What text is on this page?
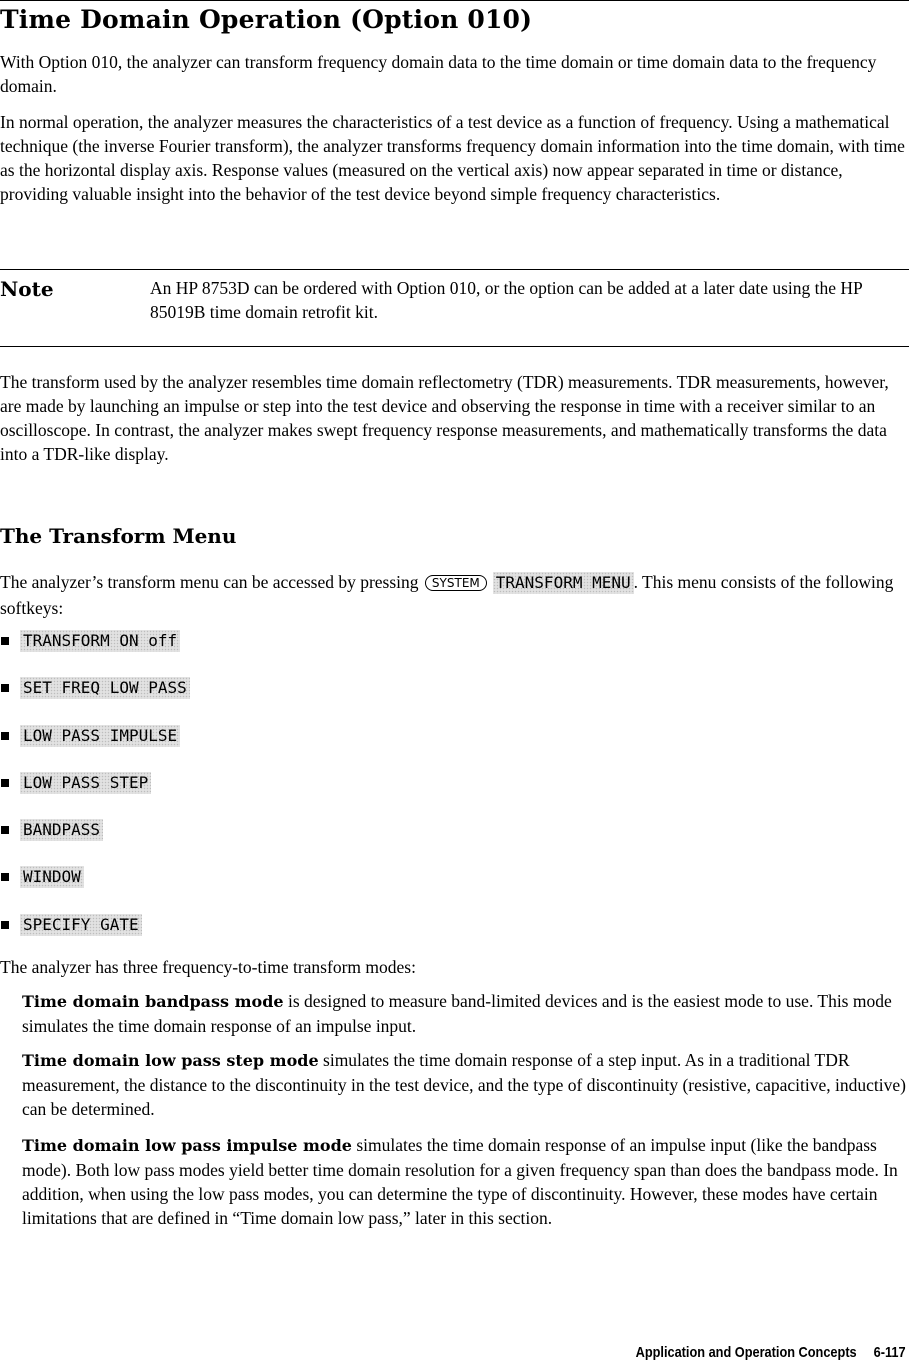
Time Domain Operation (Option 010)

With Option 010, the analyzer can transform frequency domain data to the time domain or time domain data to the frequency domain.

In normal operation, the analyzer measures the characteristics of a test device as a function of frequency. Using a mathematical technique (the inverse Fourier transform), the analyzer transforms frequency domain information into the time domain, with time as the horizontal display axis. Response values (measured on the vertical axis) now appear separated in time or distance, providing valuable insight into the behavior of the test device beyond simple frequency characteristics.

Note	An HP 8753D can be ordered with Option 010, or the option can be added at a later date using the HP 85019B time domain retrofit kit.

The transform used by the analyzer resembles time domain reflectometry (TDR) measurements. TDR measurements, however, are made by launching an impulse or step into the test device and observing the response in time with a receiver similar to an oscilloscope. In contrast, the analyzer makes swept frequency response measurements, and mathematically transforms the data into a TDR-like display.

The Transform Menu

The analyzer’s transform menu can be accessed by pressing SYSTEM TRANSFORM MENU . This menu consists of the following softkeys:

TRANSFORM ON off
SET FREQ LOW PASS
LOW PASS IMPULSE
LOW PASS STEP
BANDPASS
WINDOW
SPECIFY GATE

The analyzer has three frequency-to-time transform modes:

Time domain bandpass mode is designed to measure band-limited devices and is the easiest mode to use. This mode simulates the time domain response of an impulse input.

Time domain low pass step mode simulates the time domain response of a step input. As in a traditional TDR measurement, the distance to the discontinuity in the test device, and the type of discontinuity (resistive, capacitive, inductive) can be determined.

Time domain low pass impulse mode simulates the time domain response of an impulse input (like the bandpass mode). Both low pass modes yield better time domain resolution for a given frequency span than does the bandpass mode. In addition, when using the low pass modes, you can determine the type of discontinuity. However, these modes have certain limitations that are defined in “Time domain low pass,” later in this section.

Application and Operation Concepts 6-117
